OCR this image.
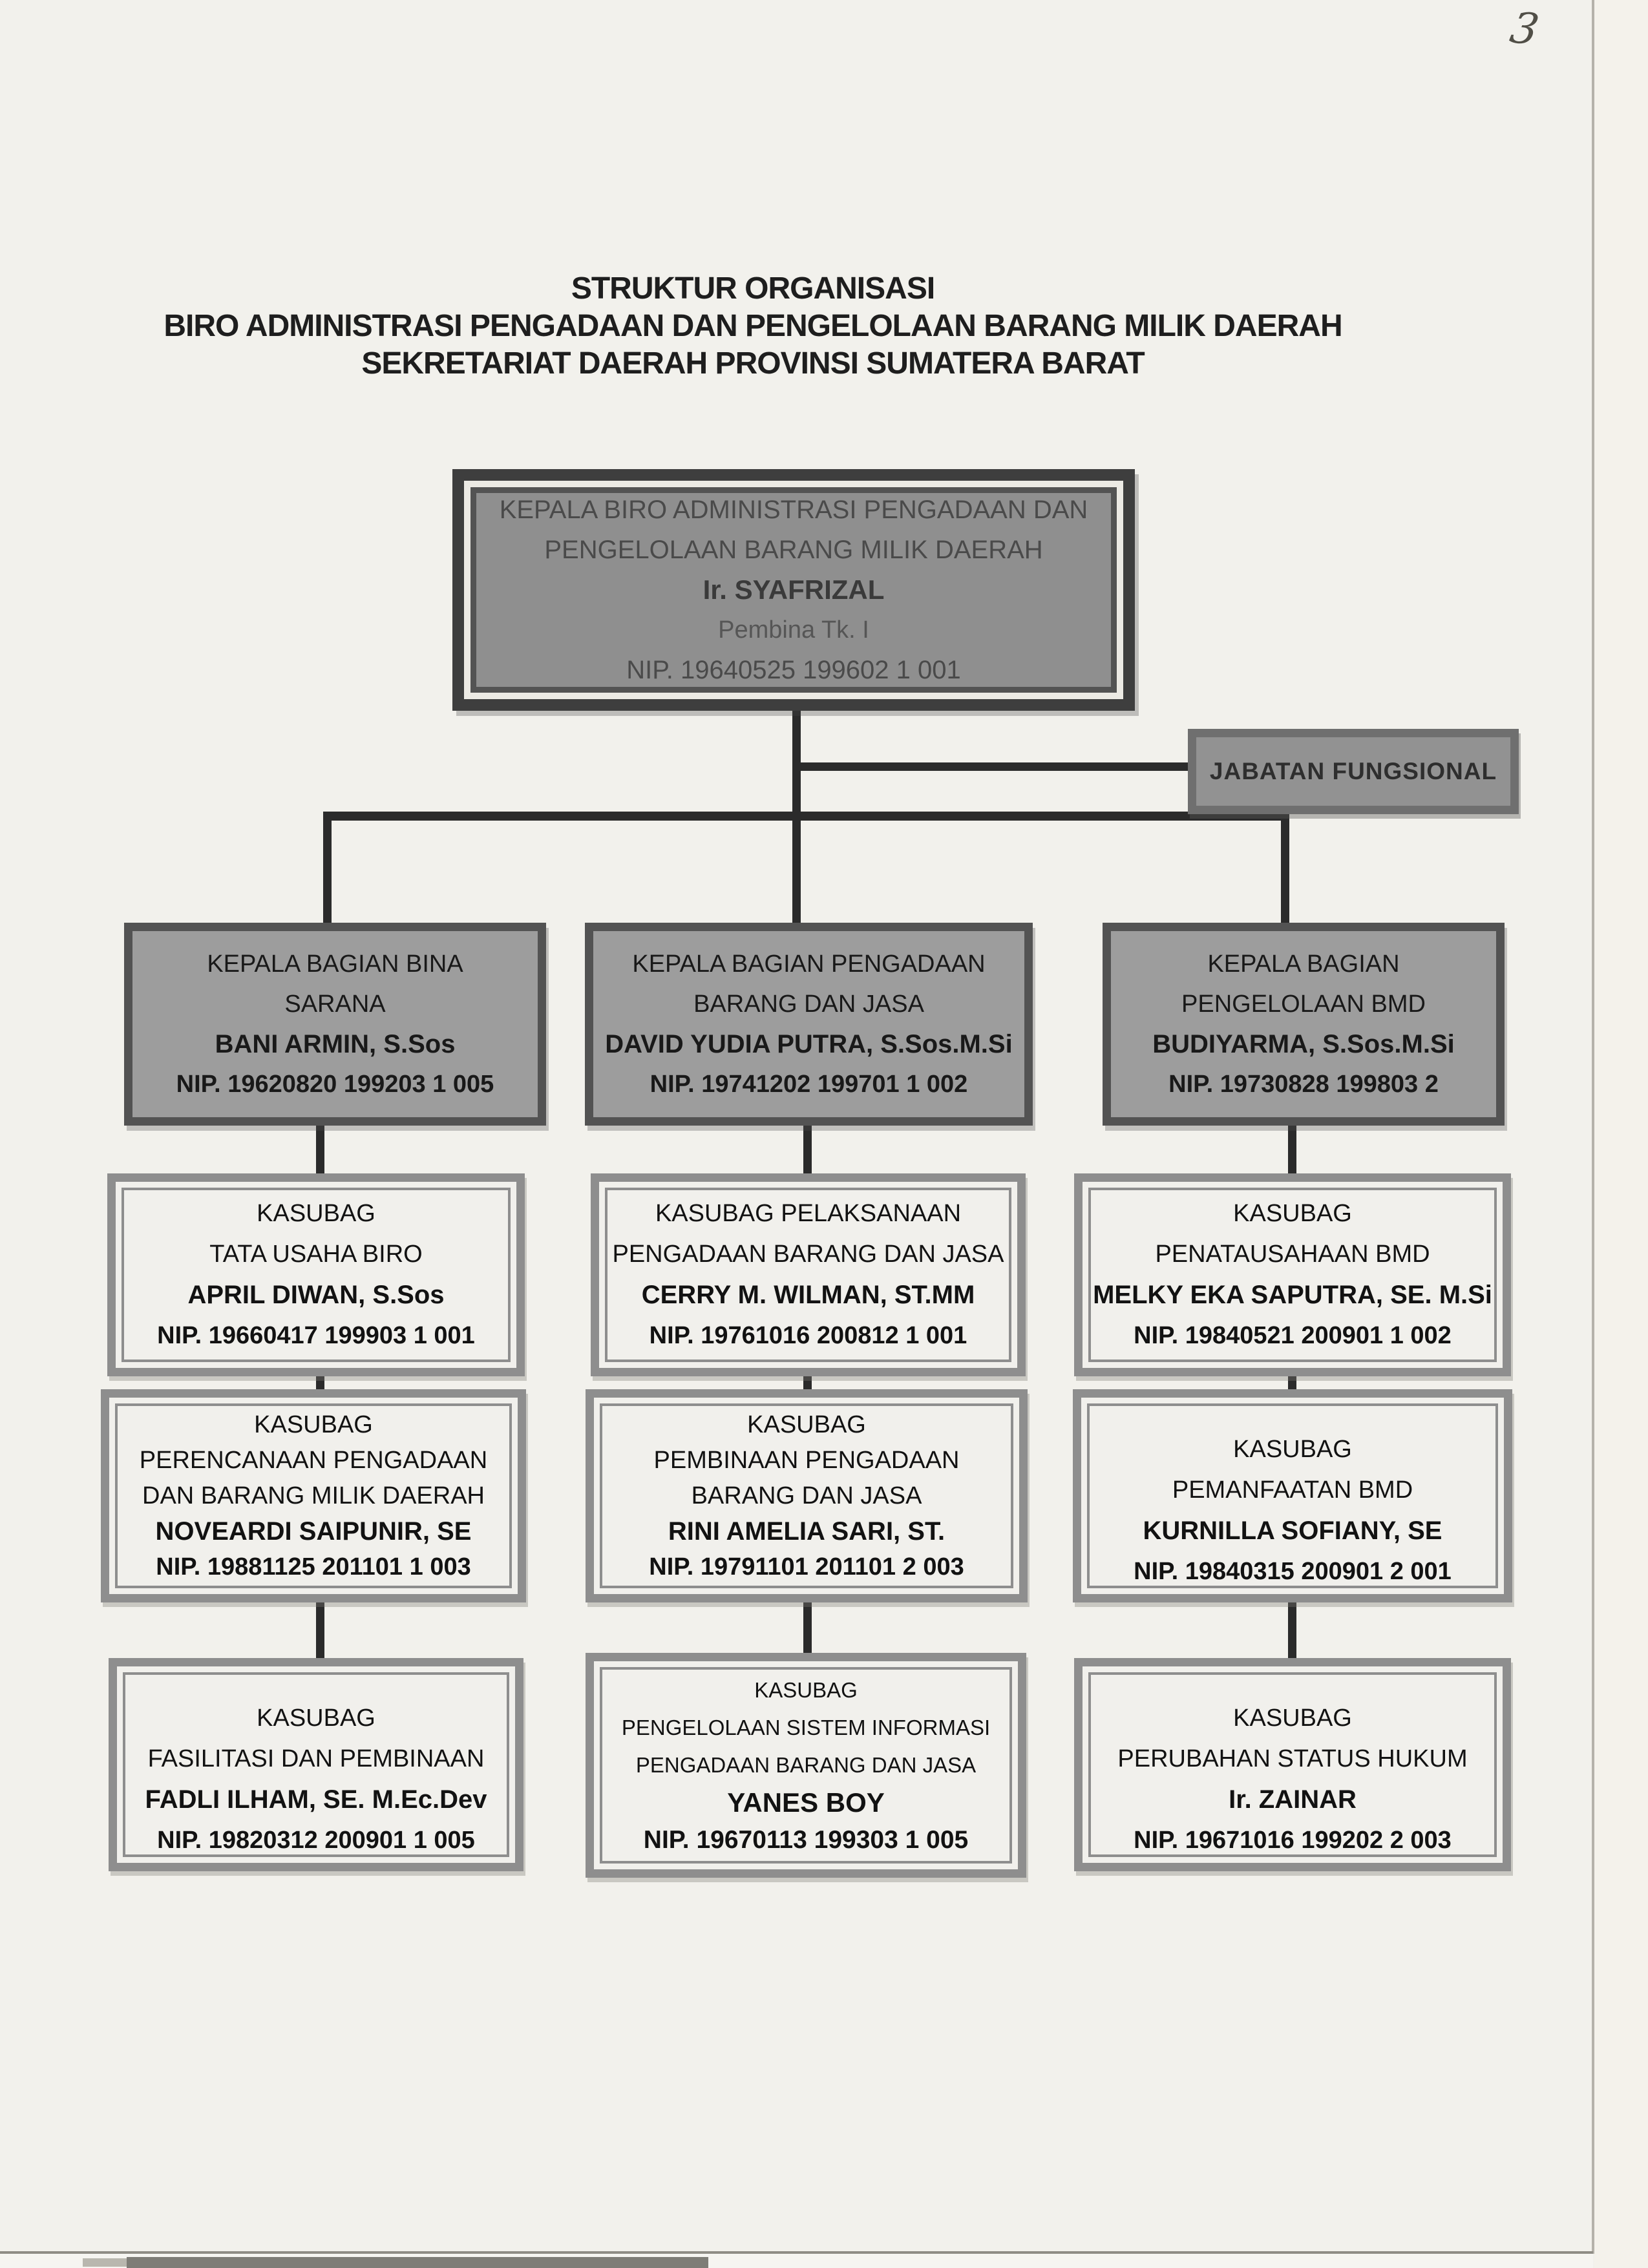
3
STRUKTUR ORGANISASI
BIRO ADMINISTRASI PENGADAAN DAN PENGELOLAAN BARANG MILIK DAERAH
SEKRETARIAT DAERAH PROVINSI SUMATERA BARAT
KEPALA BIRO ADMINISTRASI PENGADAAN DAN
PENGELOLAAN BARANG MILIK DAERAH
Ir. SYAFRIZAL
Pembina Tk. I
NIP. 19640525 199602 1 001
JABATAN FUNGSIONAL
KEPALA BAGIAN BINA
SARANA
BANI ARMIN, S.Sos
NIP. 19620820 199203 1 005
KEPALA BAGIAN PENGADAAN
BARANG DAN JASA
DAVID YUDIA PUTRA, S.Sos.M.Si
NIP. 19741202 199701 1 002
KEPALA BAGIAN
PENGELOLAAN BMD
BUDIYARMA, S.Sos.M.Si
NIP. 19730828 199803 2
KASUBAG
TATA USAHA BIRO
APRIL DIWAN, S.Sos
NIP. 19660417 199903 1 001
KASUBAG PELAKSANAAN
PENGADAAN BARANG DAN JASA
CERRY M. WILMAN, ST.MM
NIP. 19761016 200812 1 001
KASUBAG
PENATAUSAHAAN BMD
MELKY EKA SAPUTRA, SE. M.Si
NIP. 19840521 200901 1 002
KASUBAG
PERENCANAAN PENGADAAN
DAN BARANG MILIK DAERAH
NOVEARDI SAIPUNIR, SE
NIP. 19881125 201101 1 003
KASUBAG
PEMBINAAN PENGADAAN
BARANG DAN JASA
RINI AMELIA SARI, ST.
NIP. 19791101 201101 2 003
KASUBAG
PEMANFAATAN BMD
KURNILLA SOFIANY, SE
NIP. 19840315 200901 2 001
KASUBAG
FASILITASI DAN PEMBINAAN
FADLI ILHAM, SE. M.Ec.Dev
NIP. 19820312 200901 1 005
KASUBAG
PENGELOLAAN SISTEM INFORMASI
PENGADAAN BARANG DAN JASA
YANES BOY
NIP. 19670113 199303 1 005
KASUBAG
PERUBAHAN STATUS HUKUM
Ir. ZAINAR
NIP. 19671016 199202 2 003
